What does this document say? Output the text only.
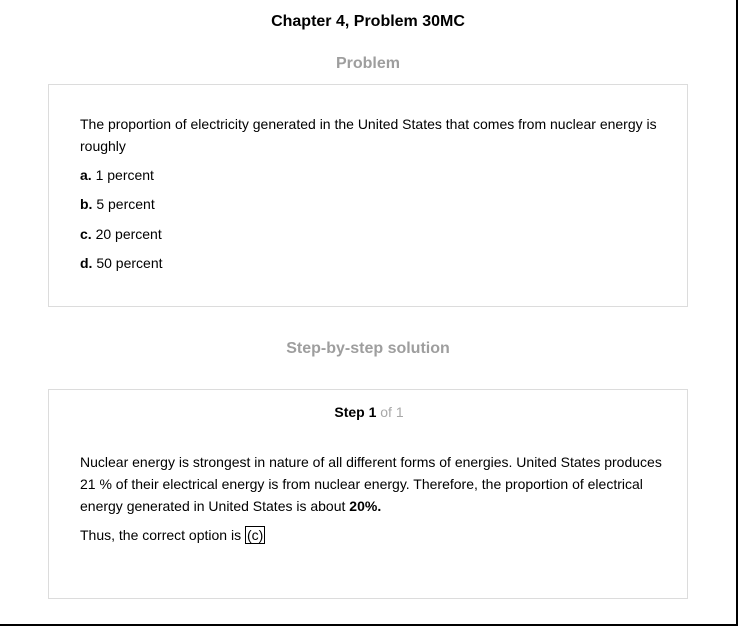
Chapter 4, Problem 30MC
Problem
The proportion of electricity generated in the United States that comes from nuclear energy is roughly
a. 1 percent
b. 5 percent
c. 20 percent
d. 50 percent
Step-by-step solution
Step 1 of 1
Nuclear energy is strongest in nature of all different forms of energies. United States produces 21 % of their electrical energy is from nuclear energy. Therefore, the proportion of electrical energy generated in United States is about 20%.
Thus, the correct option is (c)
